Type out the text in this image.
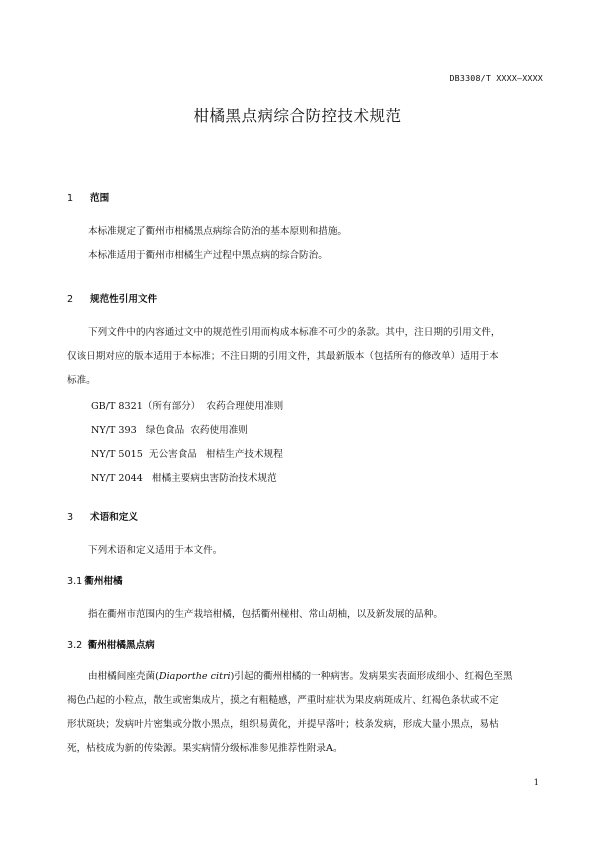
DB3308/T XXXX—XXXX
柑橘黑点病综合防控技术规范
1 范围
本标准规定了衢州市柑橘黑点病综合防治的基本原则和措施。
本标准适用于衢州市柑橘生产过程中黑点病的综合防治。
2 规范性引用文件
下列文件中的内容通过文中的规范性引用而构成本标准不可少的条款。其中，注日期的引用文件，
仅该日期对应的版本适用于本标准；不注日期的引用文件，其最新版本（包括所有的修改单）适用于本
标准。
GB/T 8321（所有部分）  农药合理使用准则
NY/T 393   绿色食品  农药使用准则
NY/T 5015  无公害食品   柑桔生产技术规程
NY/T 2044   柑橘主要病虫害防治技术规范
3 术语和定义
下列术语和定义适用于本文件。
3.1 衢州柑橘
指在衢州市范围内的生产栽培柑橘，包括衢州椪柑、常山胡柚，以及新发展的品种。
3.2 衢州柑橘黑点病
由柑橘间座壳菌(Diaporthe citri)引起的衢州柑橘的一种病害。发病果实表面形成细小、红褐色至黑
褐色凸起的小粒点，散生或密集成片，摸之有粗糙感，严重时症状为果皮病斑成片、红褐色条状或不定
形状斑块；发病叶片密集或分散小黑点，组织易黄化，并提早落叶；枝条发病，形成大量小黑点，易枯
死，枯枝成为新的传染源。果实病情分级标准参见推荐性附录A。
1
